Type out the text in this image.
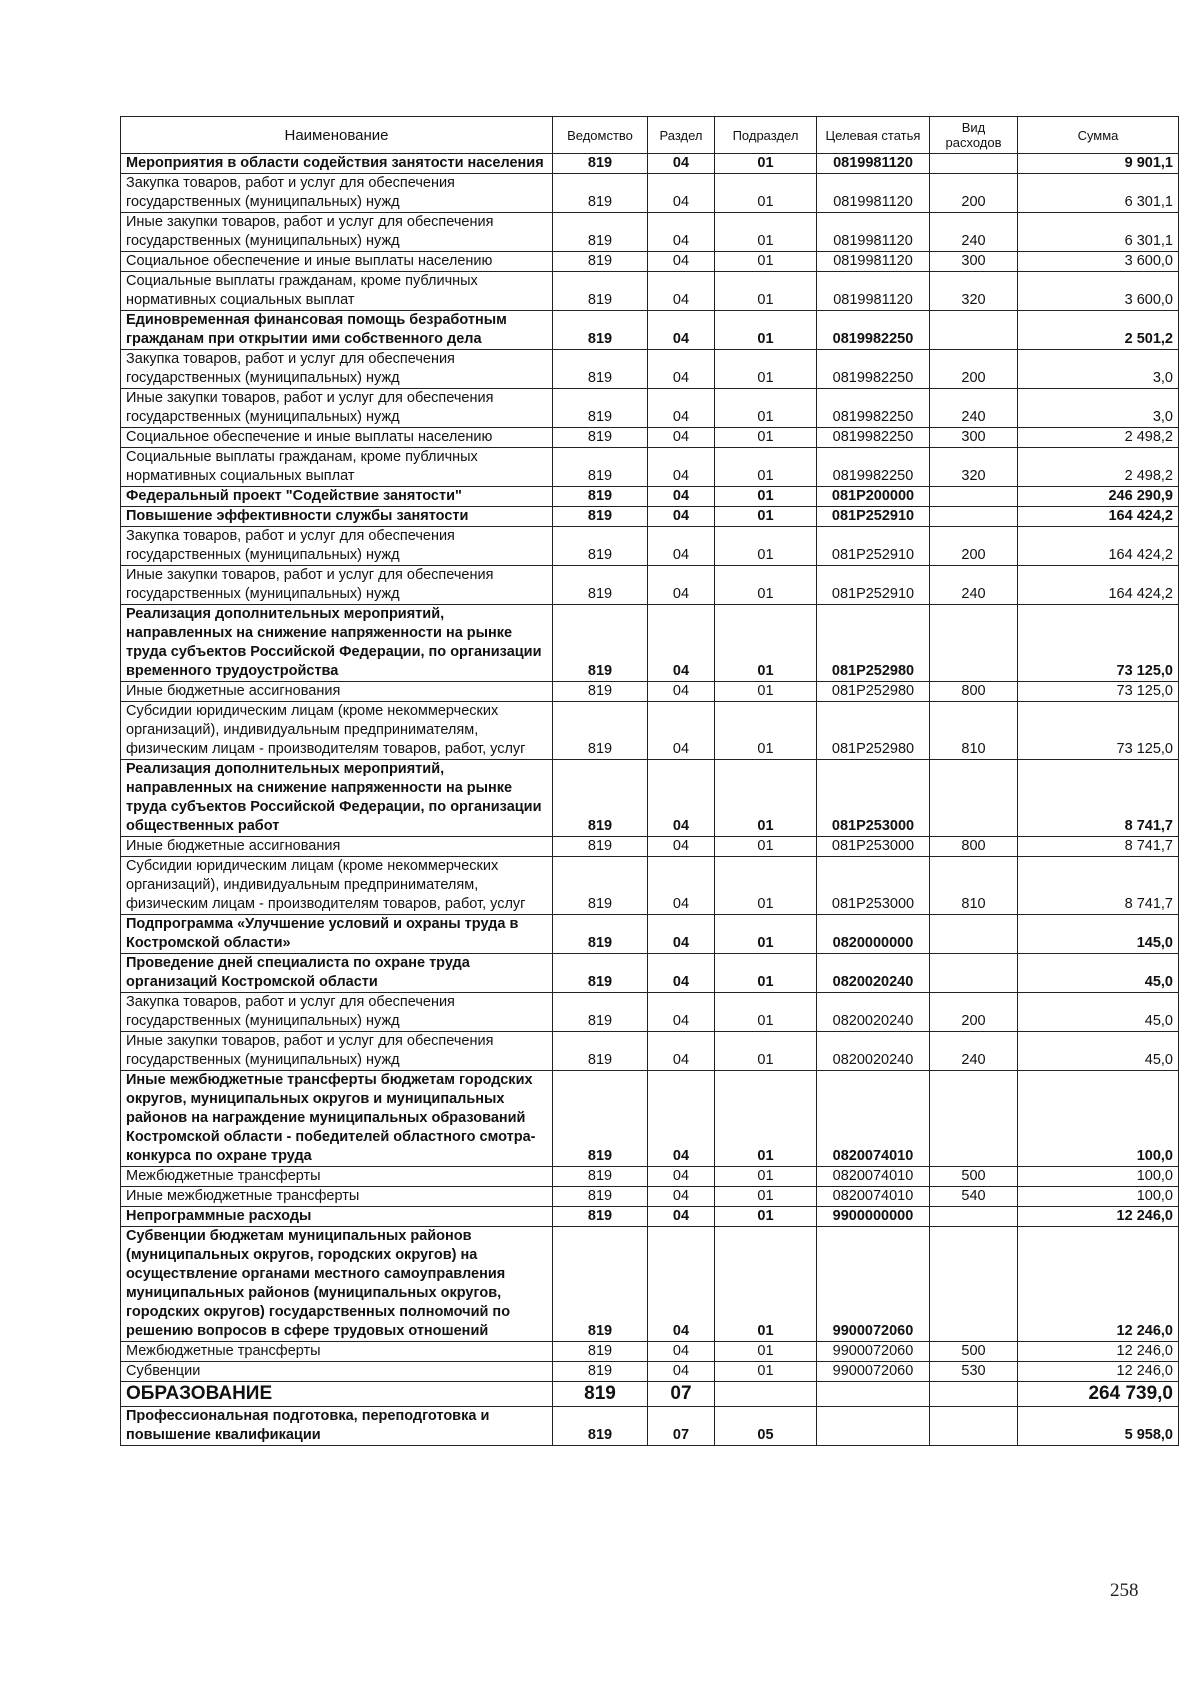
Наименование	Ведомство	Раздел	Подраздел	Целевая статья	Вид расходов	Сумма
Мероприятия в области содействия занятости населения	819	04	01	0819981120		9 901,1
Закупка товаров, работ и услуг для обеспечения государственных (муниципальных) нужд	819	04	01	0819981120	200	6 301,1
Иные закупки товаров, работ и услуг для обеспечения государственных (муниципальных) нужд	819	04	01	0819981120	240	6 301,1
Социальное обеспечение и иные выплаты населению	819	04	01	0819981120	300	3 600,0
Социальные выплаты гражданам, кроме публичных нормативных социальных выплат	819	04	01	0819981120	320	3 600,0
Единовременная финансовая помощь безработным гражданам при открытии ими собственного дела	819	04	01	0819982250		2 501,2
Закупка товаров, работ и услуг для обеспечения государственных (муниципальных) нужд	819	04	01	0819982250	200	3,0
Иные закупки товаров, работ и услуг для обеспечения государственных (муниципальных) нужд	819	04	01	0819982250	240	3,0
Социальное обеспечение и иные выплаты населению	819	04	01	0819982250	300	2 498,2
Социальные выплаты гражданам, кроме публичных нормативных социальных выплат	819	04	01	0819982250	320	2 498,2
Федеральный проект "Содействие занятости"	819	04	01	081P200000		246 290,9
Повышение эффективности службы занятости	819	04	01	081P252910		164 424,2
Закупка товаров, работ и услуг для обеспечения государственных (муниципальных) нужд	819	04	01	081P252910	200	164 424,2
Иные закупки товаров, работ и услуг для обеспечения государственных (муниципальных) нужд	819	04	01	081P252910	240	164 424,2
Реализация дополнительных мероприятий, направленных на снижение напряженности на рынке труда субъектов Российской Федерации, по организации временного трудоустройства	819	04	01	081P252980		73 125,0
Иные бюджетные ассигнования	819	04	01	081P252980	800	73 125,0
Субсидии юридическим лицам (кроме некоммерческих организаций), индивидуальным предпринимателям, физическим лицам - производителям товаров, работ, услуг	819	04	01	081P252980	810	73 125,0
Реализация дополнительных мероприятий, направленных на снижение напряженности на рынке труда субъектов Российской Федерации, по организации общественных работ	819	04	01	081P253000		8 741,7
Иные бюджетные ассигнования	819	04	01	081P253000	800	8 741,7
Субсидии юридическим лицам (кроме некоммерческих организаций), индивидуальным предпринимателям, физическим лицам - производителям товаров, работ, услуг	819	04	01	081P253000	810	8 741,7
Подпрограмма «Улучшение условий и охраны труда в Костромской области»	819	04	01	0820000000		145,0
Проведение дней специалиста по охране труда организаций Костромской области	819	04	01	0820020240		45,0
Закупка товаров, работ и услуг для обеспечения государственных (муниципальных) нужд	819	04	01	0820020240	200	45,0
Иные закупки товаров, работ и услуг для обеспечения государственных (муниципальных) нужд	819	04	01	0820020240	240	45,0
Иные межбюджетные трансферты бюджетам городских округов, муниципальных округов и муниципальных районов на награждение муниципальных образований Костромской области - победителей областного смотра-конкурса по охране труда	819	04	01	0820074010		100,0
Межбюджетные трансферты	819	04	01	0820074010	500	100,0
Иные межбюджетные трансферты	819	04	01	0820074010	540	100,0
Непрограммные расходы	819	04	01	9900000000		12 246,0
Субвенции бюджетам муниципальных районов (муниципальных округов, городских округов) на осуществление органами местного самоуправления муниципальных районов (муниципальных округов, городских округов) государственных полномочий по решению вопросов в сфере трудовых отношений	819	04	01	9900072060		12 246,0
Межбюджетные трансферты	819	04	01	9900072060	500	12 246,0
Субвенции	819	04	01	9900072060	530	12 246,0
ОБРАЗОВАНИЕ	819	07				264 739,0
Профессиональная подготовка, переподготовка и повышение квалификации	819	07	05			5 958,0
258
